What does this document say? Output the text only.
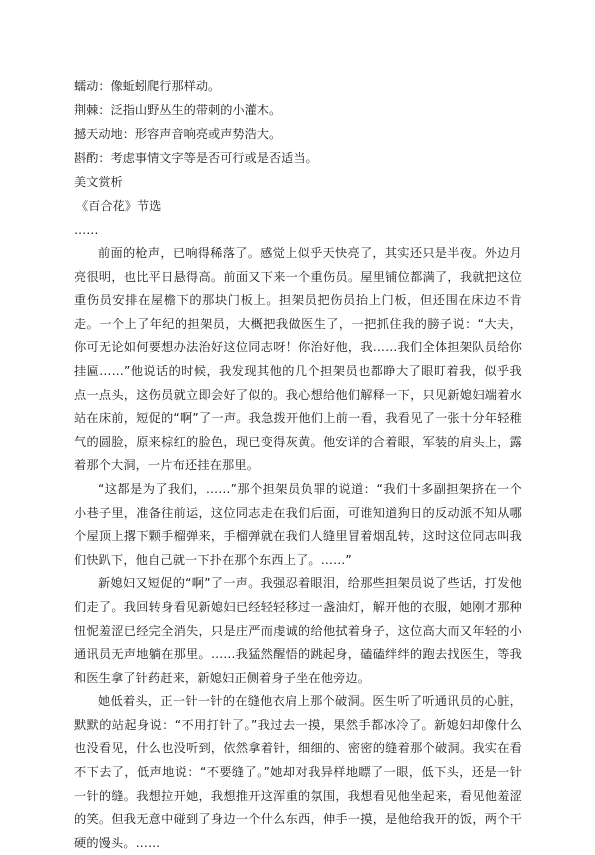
蠕动：像蚯蚓爬行那样动。
荆棘：泛指山野丛生的带刺的小灌木。
撼天动地：形容声音响亮或声势浩大。
斟酌：考虑事情文字等是否可行或是否适当。
美文赏析
《百合花》节选
……

前面的枪声，已响得稀落了。感觉上似乎天快亮了，其实还只是半夜。外边月亮很明，也比平日悬得高。前面又下来一个重伤员。屋里铺位都满了，我就把这位重伤员安排在屋檐下的那块门板上。担架员把伤员抬上门板，但还围在床边不肯走。一个上了年纪的担架员，大概把我做医生了，一把抓住我的膀子说：“大夫，你可无论如何要想办法治好这位同志呀！你治好他，我……我们全体担架队员给你挂匾……”他说话的时候，我发现其他的几个担架员也都睁大了眼盯着我，似乎我点一点头，这伤员就立即会好了似的。我心想给他们解释一下，只见新媳妇端着水站在床前，短促的“啊”了一声。我急拨开他们上前一看，我看见了一张十分年轻稚气的圆脸，原来棕红的脸色，现已变得灰黄。他安详的合着眼，军装的肩头上，露着那个大洞，一片布还挂在那里。

“这都是为了我们，……”那个担架员负罪的说道：“我们十多副担架挤在一个小巷子里，准备往前运，这位同志走在我们后面，可谁知道狗日的反动派不知从哪个屋顶上撂下颗手榴弹来，手榴弹就在我们人缝里冒着烟乱转，这时这位同志叫我们快趴下，他自己就一下扑在那个东西上了。……”

新媳妇又短促的“啊”了一声。我强忍着眼泪，给那些担架员说了些话，打发他们走了。我回转身看见新媳妇已经轻轻移过一盏油灯，解开他的衣服，她刚才那种忸怩羞涩已经完全消失，只是庄严而虔诚的给他拭着身子，这位高大而又年轻的小通讯员无声地躺在那里。……我猛然醒悟的跳起身，磕磕绊绊的跑去找医生，等我和医生拿了针药赶来，新媳妇正侧着身子坐在他旁边。

她低着头，正一针一针的在缝他衣肩上那个破洞。医生听了听通讯员的心脏，默默的站起身说：“不用打针了。”我过去一摸，果然手都冰冷了。新媳妇却像什么也没看见，什么也没听到，依然拿着针，细细的、密密的缝着那个破洞。我实在看不下去了，低声地说：“不要缝了。”她却对我异样地瞟了一眼，低下头，还是一针一针的缝。我想拉开她，我想推开这浑重的氛围，我想看见他坐起来，看见他羞涩的笑。但我无意中碰到了身边一个什么东西，伸手一摸，是他给我开的饭，两个干硬的馒头。……
